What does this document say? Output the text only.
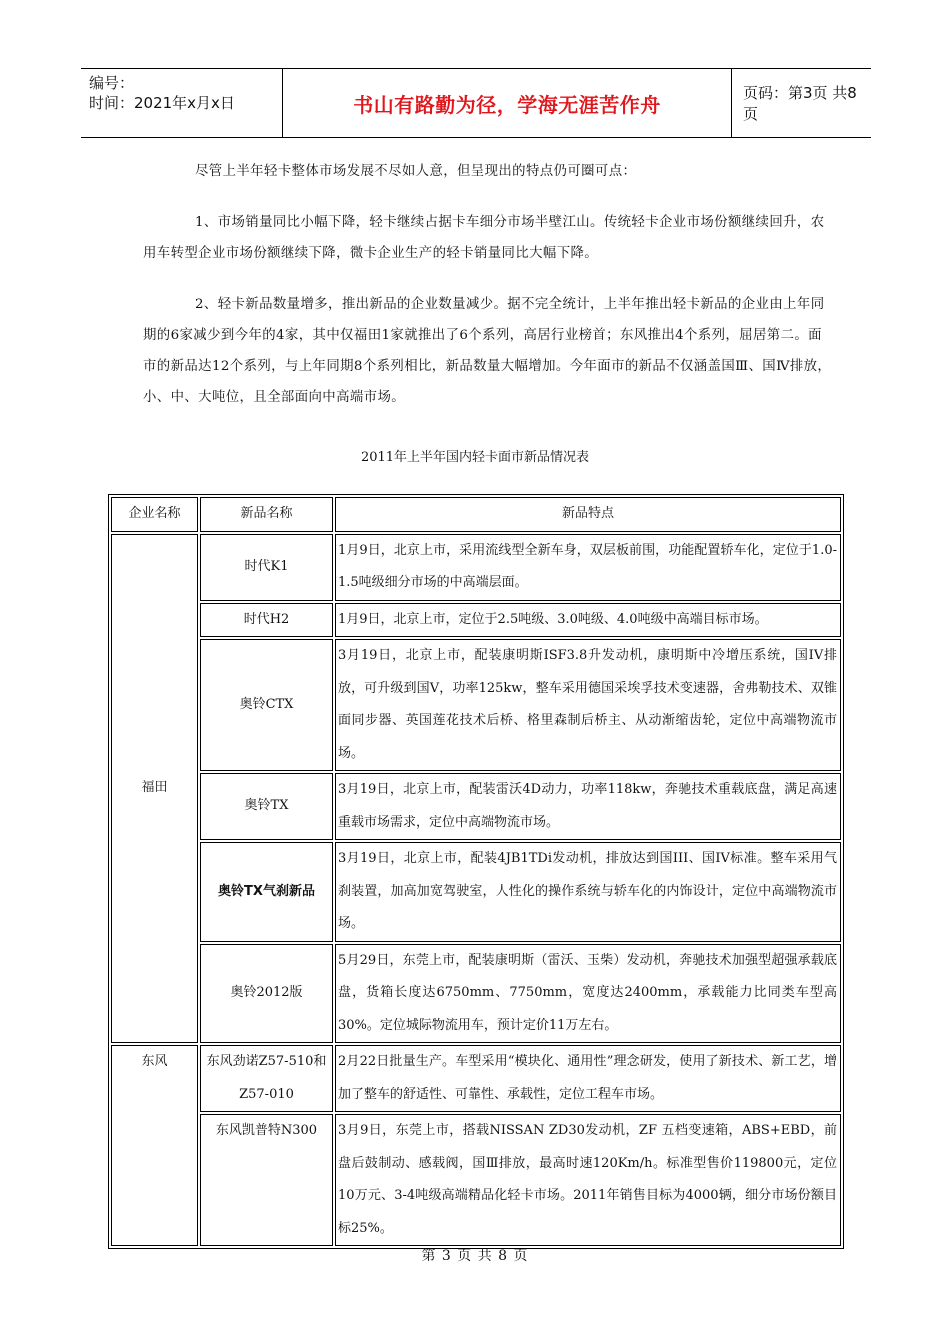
编号：
时间：2021年x月x日	书山有路勤为径，学海无涯苦作舟	页码：第3页 共8页
尽管上半年轻卡整体市场发展不尽如人意，但呈现出的特点仍可圈可点：
1、市场销量同比小幅下降，轻卡继续占据卡车细分市场半壁江山。传统轻卡企业市场份额继续回升，农用车转型企业市场份额继续下降，微卡企业生产的轻卡销量同比大幅下降。
2、轻卡新品数量增多，推出新品的企业数量减少。据不完全统计，上半年推出轻卡新品的企业由上年同期的6家减少到今年的4家，其中仅福田1家就推出了6个系列，高居行业榜首；东风推出4个系列，屈居第二。面市的新品达12个系列，与上年同期8个系列相比，新品数量大幅增加。今年面市的新品不仅涵盖国Ⅲ、国Ⅳ排放，小、中、大吨位，且全部面向中高端市场。
2011年上半年国内轻卡面市新品情况表
企业名称	新品名称	新品特点
福田	时代K1	1月9日，北京上市，采用流线型全新车身，双层板前围，功能配置轿车化，定位于1.0-1.5吨级细分市场的中高端层面。
	时代H2	1月9日，北京上市，定位于2.5吨级、3.0吨级、4.0吨级中高端目标市场。
	奥铃CTX	3月19日，北京上市，配装康明斯ISF3.8升发动机，康明斯中冷增压系统，国IV排放，可升级到国V，功率125kw，整车采用德国采埃孚技术变速器，舍弗勒技术、双锥面同步器、英国莲花技术后桥、格里森制后桥主、从动渐缩齿轮，定位中高端物流市场。
	奥铃TX	3月19日，北京上市，配装雷沃4D动力，功率118kw，奔驰技术重载底盘，满足高速重载市场需求，定位中高端物流市场。
	奥铃TX气刹新品	3月19日，北京上市，配装4JB1TDi发动机，排放达到国III、国IV标准。整车采用气刹装置，加高加宽驾驶室，人性化的操作系统与轿车化的内饰设计，定位中高端物流市场。
	奥铃2012版	5月29日，东莞上市，配装康明斯（雷沃、玉柴）发动机，奔驰技术加强型超强承载底盘，货箱长度达6750mm、7750mm，宽度达2400mm，承载能力比同类车型高30%。定位城际物流用车，预计定价11万左右。
东风	东风劲诺Z57-510和Z57-010	2月22日批量生产。车型采用“模块化、通用性”理念研发，使用了新技术、新工艺，增加了整车的舒适性、可靠性、承载性，定位工程车市场。
	东风凯普特N300	3月9日，东莞上市，搭载NISSAN ZD30发动机，ZF 五档变速箱，ABS+EBD，前盘后鼓制动、感载阀，国Ⅲ排放，最高时速120Km/h。标准型售价119800元，定位10万元、3-4吨级高端精品化轻卡市场。2011年销售目标为4000辆，细分市场份额目标25%。
第 3 页 共 8 页
